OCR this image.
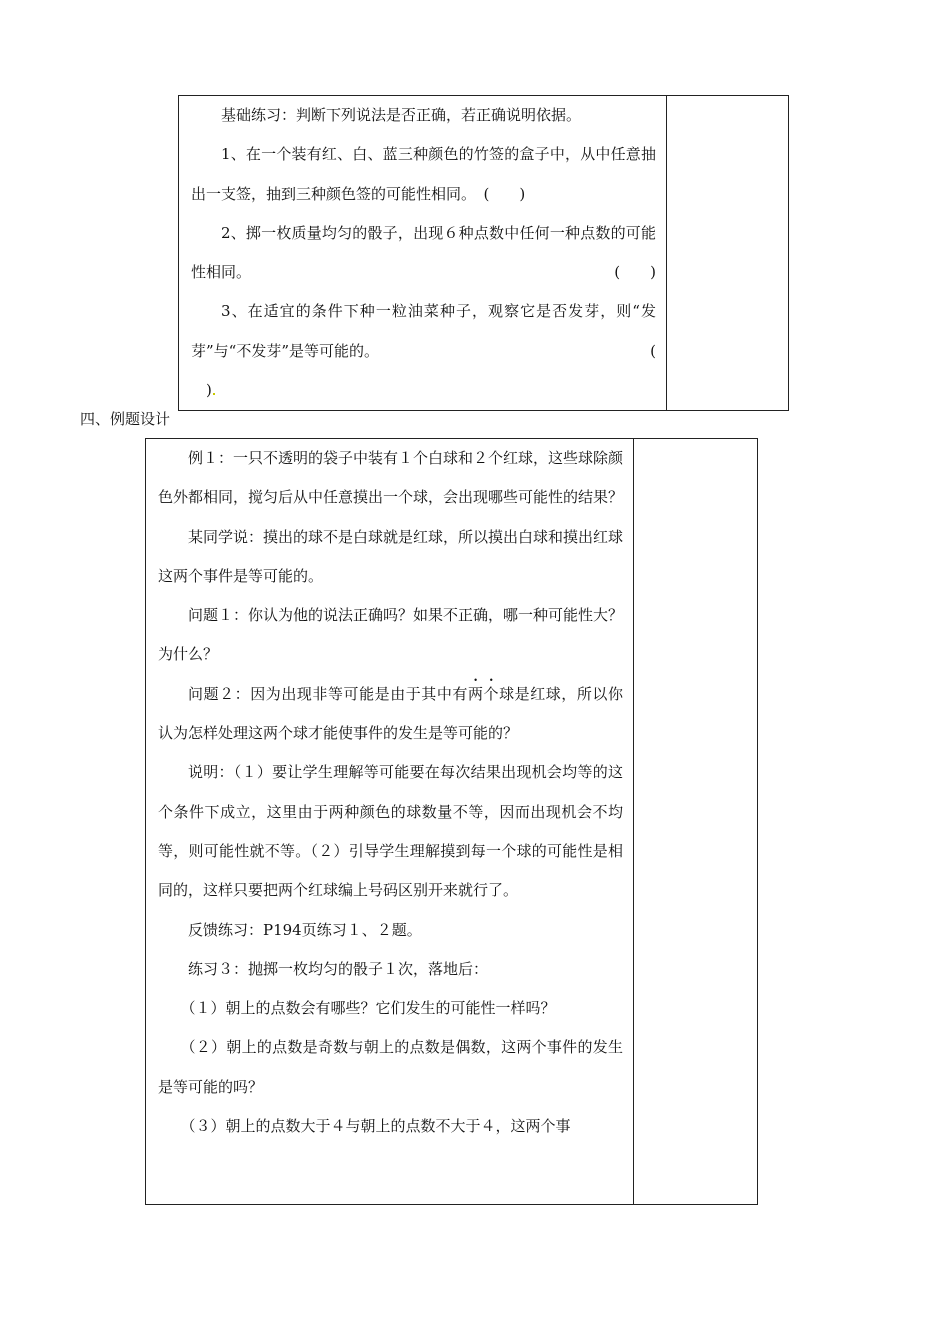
基础练习：判断下列说法是否正确，若正确说明依据。

1、在一个装有红、白、蓝三种颜色的竹签的盒子中，从中任意抽出一支签，抽到三种颜色签的可能性相同。　 (　　)

2、掷一枚质量均匀的骰子，出现６种点数中任何一种点数的可能性相同。	(　　)

3、在适宜的条件下种一粒油菜种子，观察它是否发芽，则“发芽”与“不发芽”是等可能的。	(

　)

四、例题设计

例１：一只不透明的袋子中装有１个白球和２个红球，这些球除颜色外都相同，搅匀后从中任意摸出一个球，会出现哪些可能性的结果？

某同学说：摸出的球不是白球就是红球，所以摸出白球和摸出红球这两个事件是等可能的。

问题１：你认为他的说法正确吗？如果不正确，哪一种可能性大？为什么？

问题２：因为出现非等可能是由于其中有两个球是红球，所以你认为怎样处理这两个球才能使事件的发生是等可能的？

说明：（１）要让学生理解等可能要在每次结果出现机会均等的这个条件下成立，这里由于两种颜色的球数量不等，因而出现机会不均等，则可能性就不等。（２）引导学生理解摸到每一个球的可能性是相同的，这样只要把两个红球编上号码区别开来就行了。

反馈练习：P194页练习１、２题。

练习３：抛掷一枚均匀的骰子１次，落地后：

（１）朝上的点数会有哪些？它们发生的可能性一样吗？

（２）朝上的点数是奇数与朝上的点数是偶数，这两个事件的发生是等可能的吗？

（３）朝上的点数大于４与朝上的点数不大于４，这两个事
